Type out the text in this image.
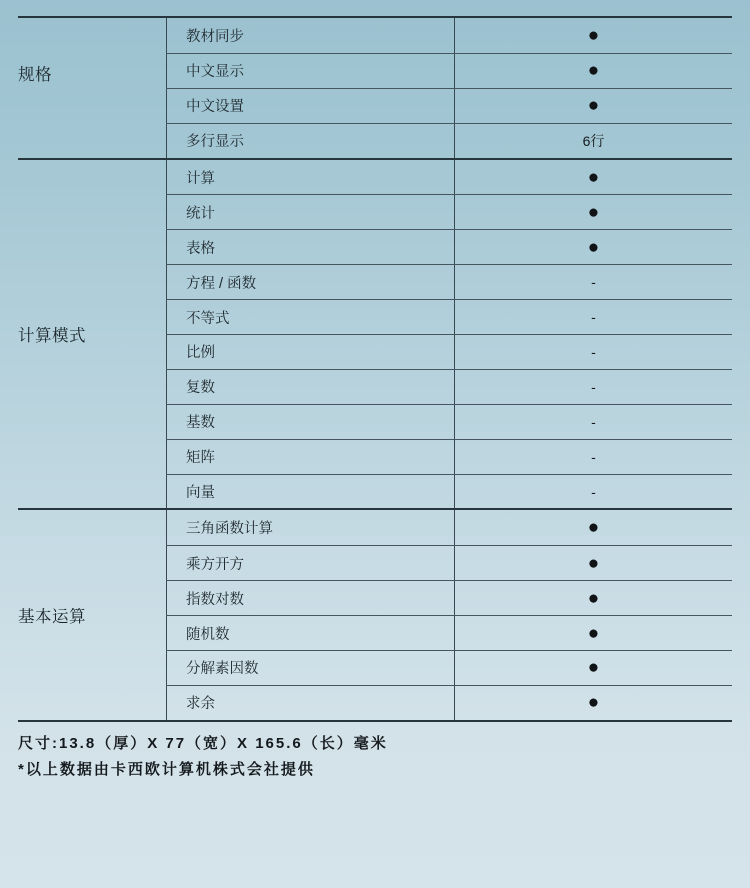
规格
教材同步	●
中文显示	●
中文设置	●
多行显示	6行
计算模式
计算	●
统计	●
表格	●
方程 / 函数	-
不等式	-
比例	-
复数	-
基数	-
矩阵	-
向量	-
基本运算
三角函数计算	●
乘方开方	●
指数对数	●
随机数	●
分解素因数	●
求余	●
尺寸:13.8（厚）X 77（宽）X 165.6（长）毫米
*以上数据由卡西欧计算机株式会社提供
